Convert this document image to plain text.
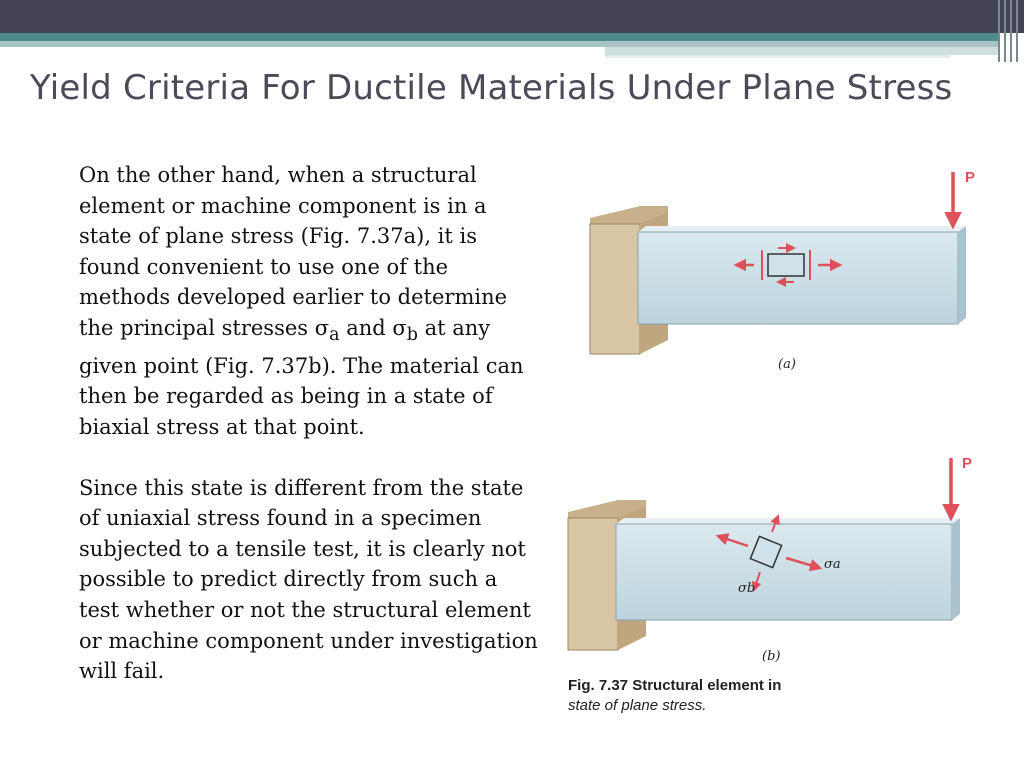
Yield Criteria For Ductile Materials Under Plane Stress

On the other hand, when a structural element or machine component is in a state of plane stress (Fig. 7.37a), it is found convenient to use one of the methods developed earlier to determine the principal stresses $\sigma_a$ and $\sigma_b$ at any given point (Fig. 7.37b). The material can then be regarded as being in a state of biaxial stress at that point.

Since this state is different from the state of uniaxial stress found in a specimen subjected to a tensile test, it is clearly not possible to predict directly from such a test whether or not the structural element or machine component under investigation will fail.

P
(a)
σa
σb
P
(b)
Fig. 7.37 Structural element in
state of plane stress.
